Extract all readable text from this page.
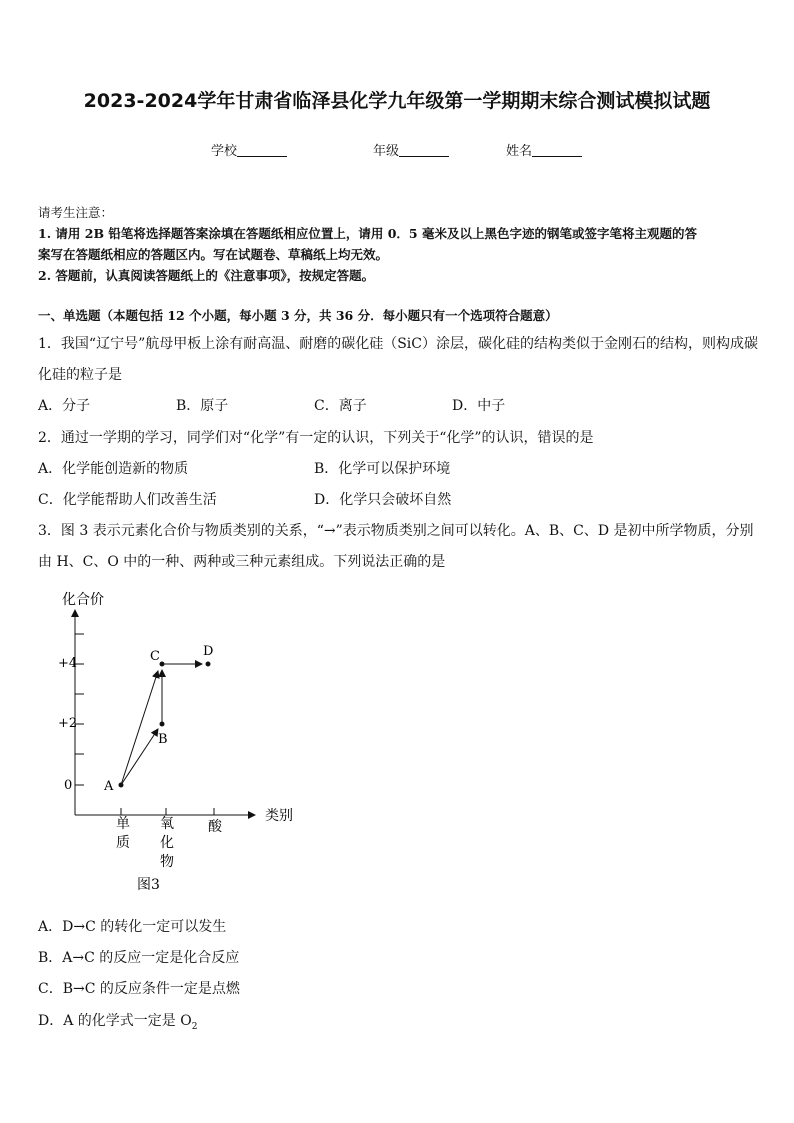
2023-2024学年甘肃省临泽县化学九年级第一学期期末综合测试模拟试题
学校	年级	姓名
请考生注意：
1. 请用 2B 铅笔将选择题答案涂填在答题纸相应位置上，请用 0．5 毫米及以上黑色字迹的钢笔或签字笔将主观题的答
案写在答题纸相应的答题区内。写在试题卷、草稿纸上均无效。
2. 答题前，认真阅读答题纸上的《注意事项》，按规定答题。
一、单选题（本题包括 12 个小题，每小题 3 分，共 36 分．每小题只有一个选项符合题意）
1．我国“辽宁号”航母甲板上涂有耐高温、耐磨的碳化硅（SiC）涂层，碳化硅的结构类似于金刚石的结构，则构成碳
化硅的粒子是
A．分子	B．原子	C．离子	D．中子
2．通过一学期的学习，同学们对“化学”有一定的认识，下列关于“化学”的认识，错误的是
A．化学能创造新的物质	B．化学可以保护环境
C．化学能帮助人们改善生活	D．化学只会破坏自然
3．图 3 表示元素化合价与物质类别的关系，“→”表示物质类别之间可以转化。A、B、C、D 是初中所学物质，分别
由 H、C、O 中的一种、两种或三种元素组成。下列说法正确的是
化合价
类别
+4
+2
0
单
质
氧
化
物
酸
A
B
C	D
图3
A．D→C 的转化一定可以发生
B．A→C 的反应一定是化合反应
C．B→C 的反应条件一定是点燃
D．A 的化学式一定是 $O_2$
